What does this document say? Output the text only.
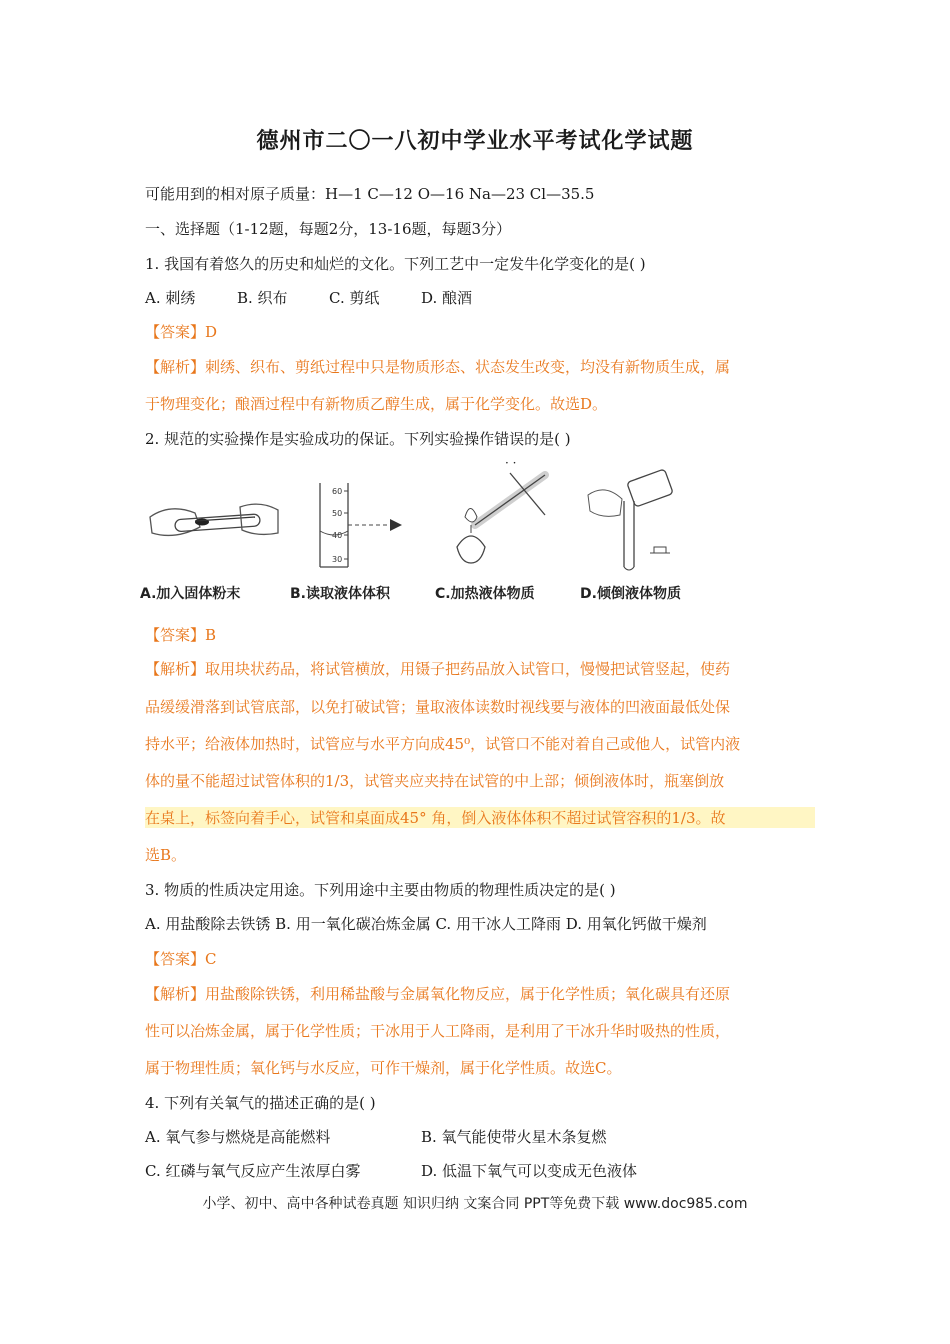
德州市二〇一八初中学业水平考试化学试题
可能用到的相对原子质量：H—1 C—12 O—16 Na—23 Cl—35.5
一、选择题（1-12题，每题2分，13-16题，每题3分）
1. 我国有着悠久的历史和灿烂的文化。下列工艺中一定发牛化学变化的是( )
A. 刺绣	B. 织布	C. 剪纸	D. 酿酒
【答案】D
【解析】刺绣、织布、剪纸过程中只是物质形态、状态发生改变，均没有新物质生成，属
于物理变化；酿酒过程中有新物质乙醇生成，属于化学变化。故选D。
2. 规范的实验操作是实验成功的保证。下列实验操作错误的是( )
A.加入固体粉末
60
50
40
30
B.读取液体体积
· ·
C.加热液体物质	D.倾倒液体物质
【答案】B
【解析】取用块状药品，将试管横放，用镊子把药品放入试管口，慢慢把试管竖起，使药
品缓缓滑落到试管底部，以免打破试管；量取液体读数时视线要与液体的凹液面最低处保
持水平；给液体加热时，试管应与水平方向成45⁰，试管口不能对着自己或他人，试管内液
体的量不能超过试管体积的1/3，试管夹应夹持在试管的中上部；倾倒液体时，瓶塞倒放
在桌上，标签向着手心，试管和桌面成45° 角，倒入液体体积不超过试管容积的1/3。故
选B。
3. 物质的性质决定用途。下列用途中主要由物质的物理性质决定的是( )
A. 用盐酸除去铁锈 B. 用一氧化碳冶炼金属 C. 用干冰人工降雨 D. 用氧化钙做干燥剂
【答案】C
【解析】用盐酸除铁锈，利用稀盐酸与金属氧化物反应，属于化学性质；氧化碳具有还原
性可以冶炼金属，属于化学性质；干冰用于人工降雨，是利用了干冰升华时吸热的性质，
属于物理性质；氧化钙与水反应，可作干燥剂，属于化学性质。故选C。
4. 下列有关氧气的描述正确的是( )
A. 氧气参与燃烧是高能燃料	B. 氧气能使带火星木条复燃
C. 红磷与氧气反应产生浓厚白雾	D. 低温下氧气可以变成无色液体
小学、初中、高中各种试卷真题 知识归纳 文案合同 PPT等免费下载 www.doc985.com
